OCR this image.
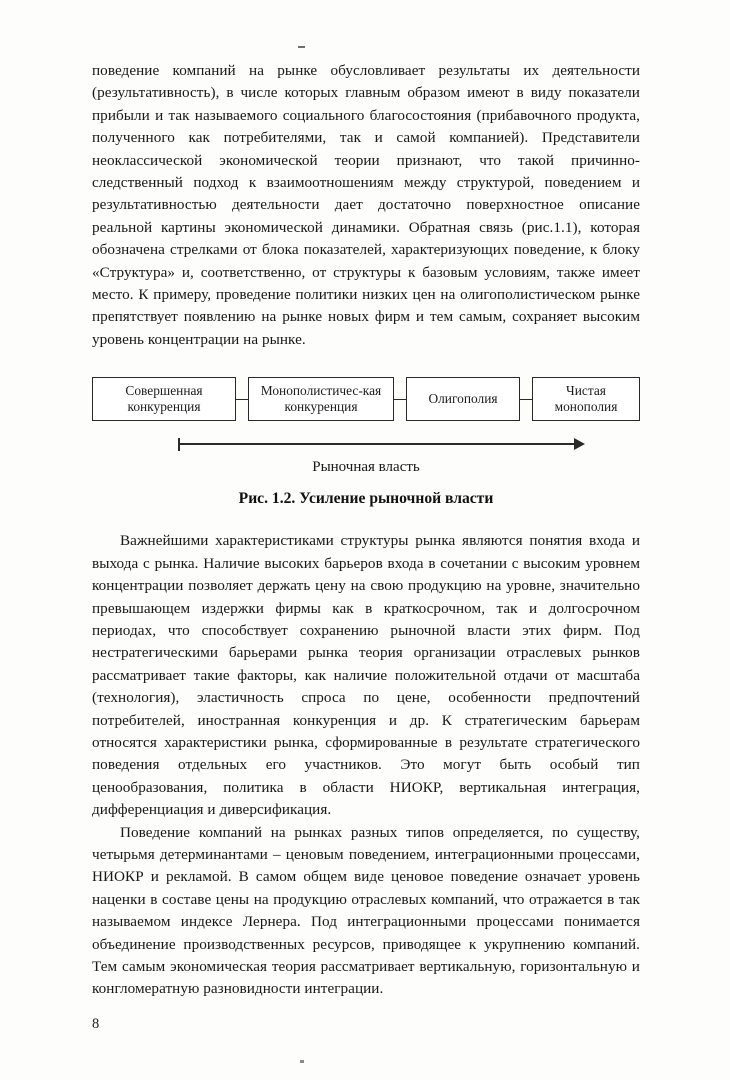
поведение компаний на рынке обусловливает результаты их деятельности (результативность), в числе которых главным образом имеют в виду показатели прибыли и так называемого социального благосостояния (прибавочного продукта, полученного как потребителями, так и самой компанией). Представители неоклассической экономической теории признают, что такой причинно-следственный подход к взаимоотношениям между структурой, поведением и результативностью деятельности дает достаточно поверхностное описание реальной картины экономической динамики. Обратная связь (рис.1.1), которая обозначена стрелками от блока показателей, характеризующих поведение, к блоку «Структура» и, соответственно, от структуры к базовым условиям, также имеет место. К примеру, проведение политики низких цен на олигополистическом рынке препятствует появлению на рынке новых фирм и тем самым, сохраняет высоким уровень концентрации на рынке.

Совершенная конкуренция
Монополистичес-кая конкуренция
Олигополия
Чистая монополия
Рыночная власть
Рис. 1.2. Усиление рыночной власти

Важнейшими характеристиками структуры рынка являются понятия входа и выхода с рынка. Наличие высоких барьеров входа в сочетании с высоким уровнем концентрации позволяет держать цену на свою продукцию на уровне, значительно превышающем издержки фирмы как в краткосрочном, так и долгосрочном периодах, что способствует сохранению рыночной власти этих фирм. Под нестратегическими барьерами рынка теория организации отраслевых рынков рассматривает такие факторы, как наличие положительной отдачи от масштаба (технология), эластичность спроса по цене, особенности предпочтений потребителей, иностранная конкуренция и др. К стратегическим барьерам относятся характеристики рынка, сформированные в результате стратегического поведения отдельных его участников. Это могут быть особый тип ценообразования, политика в области НИОКР, вертикальная интеграция, дифференциация и диверсификация.

Поведение компаний на рынках разных типов определяется, по существу, четырьмя детерминантами – ценовым поведением, интеграционными процессами, НИОКР и рекламой. В самом общем виде ценовое поведение означает уровень наценки в составе цены на продукцию отраслевых компаний, что отражается в так называемом индексе Лернера. Под интеграционными процессами понимается объединение производственных ресурсов, приводящее к укрупнению компаний. Тем самым экономическая теория рассматривает вертикальную, горизонтальную и конгломератную разновидности интеграции.

8
